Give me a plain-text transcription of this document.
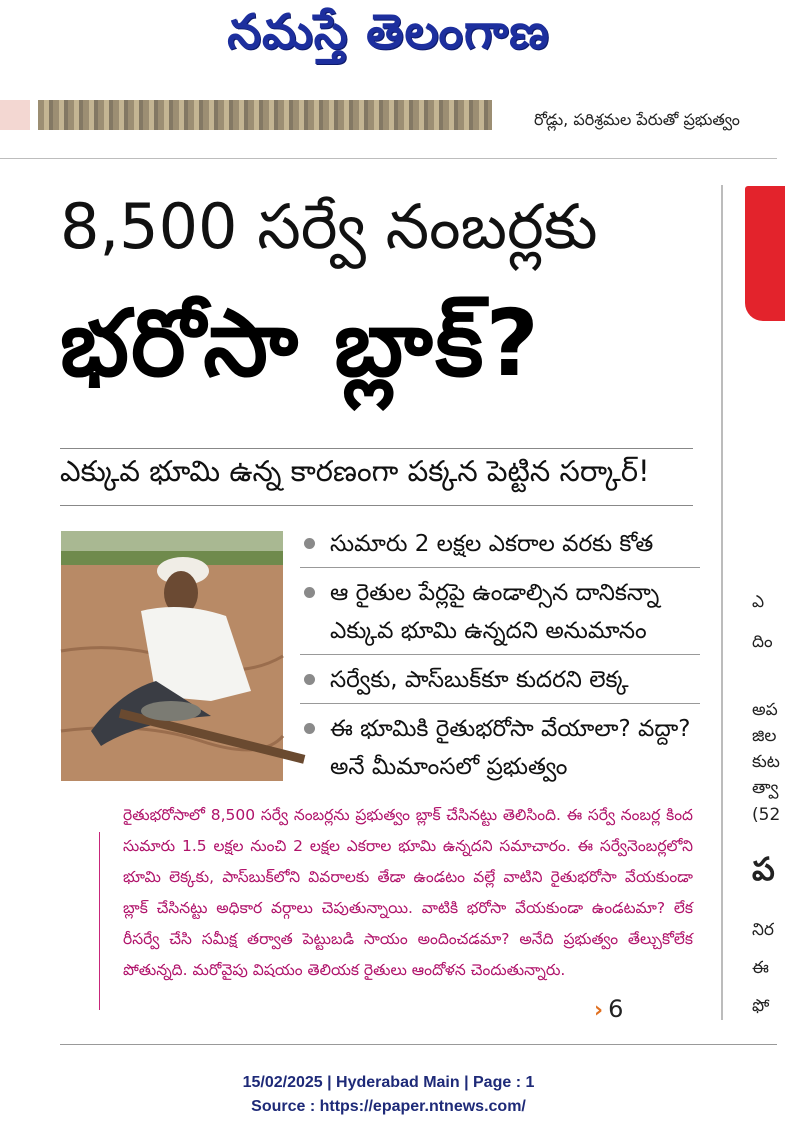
నమస్తే తెలంగాణ
రోడ్లు, పరిశ్రమల పేరుతో ప్రభుత్వం
8,500 సర్వే నంబర్లకు
భరోసా బ్లాక్?
ఎక్కువ భూమి ఉన్న కారణంగా పక్కన పెట్టిన సర్కార్!
సుమారు 2 లక్షల ఎకరాల వరకు కోత
ఆ రైతుల పేర్లపై ఉండాల్సిన దానికన్నా ఎక్కువ భూమి ఉన్నదని అనుమానం
సర్వేకు, పాస్‌బుక్‌కూ కుదరని లెక్క
ఈ భూమికి రైతుభరోసా వేయాలా? వద్దా? అనే మీమాంసలో ప్రభుత్వం
రైతుభరోసాలో 8,500 సర్వే నంబర్లను ప్రభుత్వం బ్లాక్ చేసినట్టు తెలిసింది. ఈ సర్వే నంబర్ల కింద సుమారు 1.5 లక్షల నుంచి 2 లక్షల ఎకరాల భూమి ఉన్నదని సమాచారం. ఈ సర్వేనెంబర్లలోని భూమి లెక్కకు, పాస్‌బుక్‌లోని వివరాలకు తేడా ఉండటం వల్లే వాటిని రైతుభరోసా వేయకుండా బ్లాక్ చేసినట్టు అధికార వర్గాలు చెపుతున్నాయి. వాటికి భరోసా వేయకుండా ఉండటమా? లేక రీసర్వే చేసి సమీక్ష తర్వాత పెట్టుబడి సాయం అందించడమా? అనేది ప్రభుత్వం తేల్చుకోలేక పోతున్నది. మరోవైపు విషయం తెలియక రైతులు ఆందోళన చెందుతున్నారు.
› 6
ఎ
దిం
అప
జిల
కుట
త్వా
(52
ప
నిర
ఈ
ఫో
15/02/2025 | Hyderabad Main | Page : 1
Source : https://epaper.ntnews.com/
